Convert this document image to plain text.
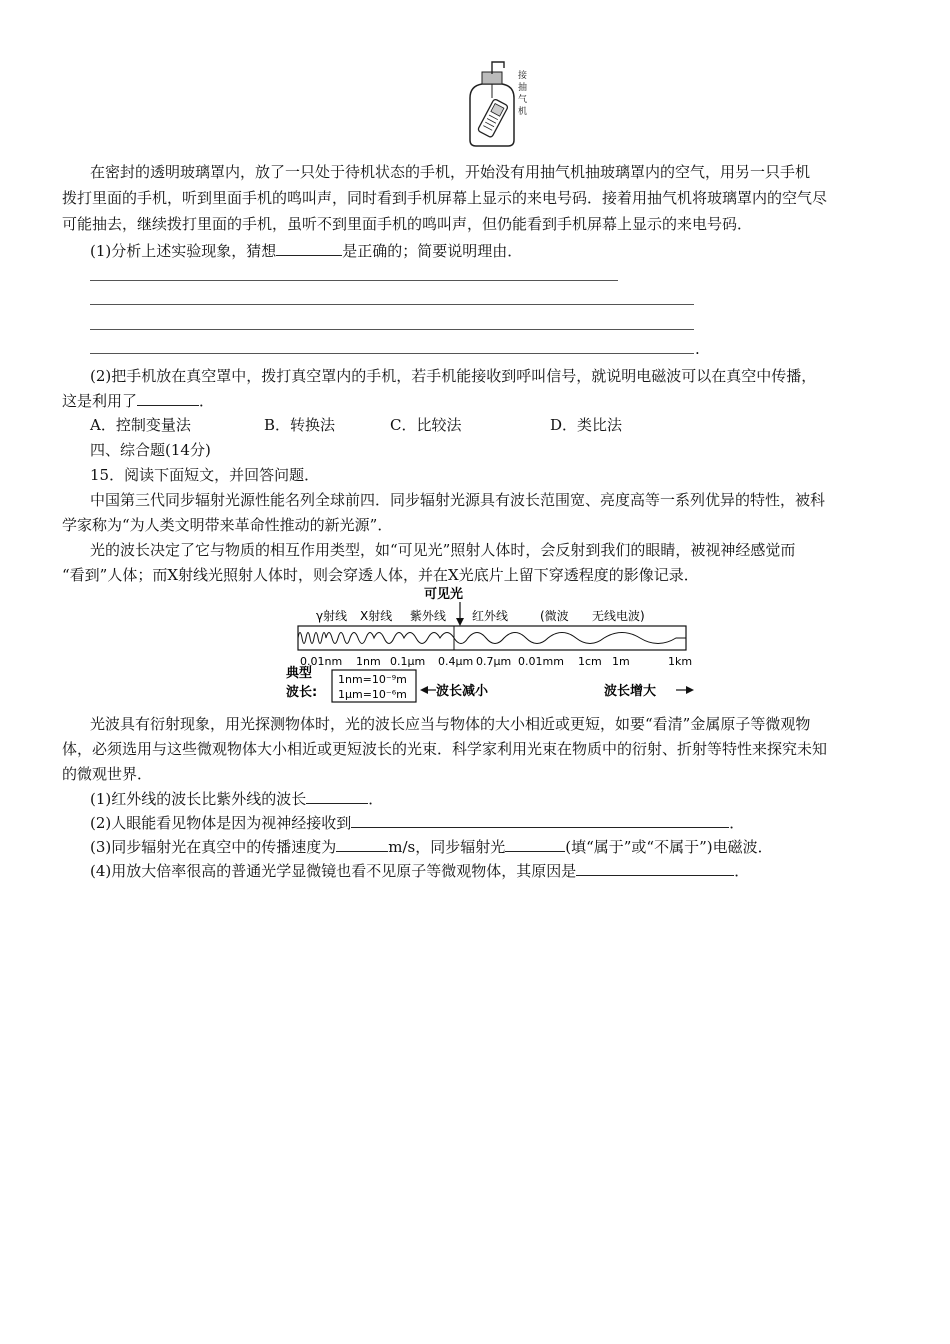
接
抽
气
机
在密封的透明玻璃罩内，放了一只处于待机状态的手机，开始没有用抽气机抽玻璃罩内的空气，用另一只手机
拨打里面的手机，听到里面手机的鸣叫声，同时看到手机屏幕上显示的来电号码．接着用抽气机将玻璃罩内的空气尽
可能抽去，继续拨打里面的手机，虽听不到里面手机的鸣叫声，但仍能看到手机屏幕上显示的来电号码．
(1)分析上述实验现象，猜想	是正确的；简要说明理由．
.
(2)把手机放在真空罩中，拨打真空罩内的手机，若手机能接收到呼叫信号，就说明电磁波可以在真空中传播，
这是利用了	．
A．控制变量法	B．转换法	C．比较法	D．类比法
四、综合题(14分)
15．阅读下面短文，并回答问题．
中国第三代同步辐射光源性能名列全球前四．同步辐射光源具有波长范围宽、亮度高等一系列优异的特性，被科
学家称为“为人类文明带来革命性推动的新光源”．
光的波长决定了它与物质的相互作用类型，如“可见光”照射人体时，会反射到我们的眼睛，被视神经感觉而
“看到”人体；而Χ射线光照射人体时，则会穿透人体，并在Χ光底片上留下穿透程度的影像记录．
可见光
γ射线 X射线 紫外线 红外线	(微波 无线电波)
0.01nm 1nm 0.1μm 0.4μm 0.7μm 0.01mm 1cm 1m	1km
典型
波长:
1nm=10⁻⁹m
1μm=10⁻⁶m 波长减小	波长增大
光波具有衍射现象，用光探测物体时，光的波长应当与物体的大小相近或更短，如要“看清”金属原子等微观物
体，必须选用与这些微观物体大小相近或更短波长的光束．科学家利用光束在物质中的衍射、折射等特性来探究未知
的微观世界．
(1)红外线的波长比紫外线的波长	．
(2)人眼能看见物体是因为视神经接收到	．
(3)同步辐射光在真空中的传播速度为	m/s，同步辐射光	(填“属于”或“不属于”)电磁波．
(4)用放大倍率很高的普通光学显微镜也看不见原子等微观物体，其原因是	．
